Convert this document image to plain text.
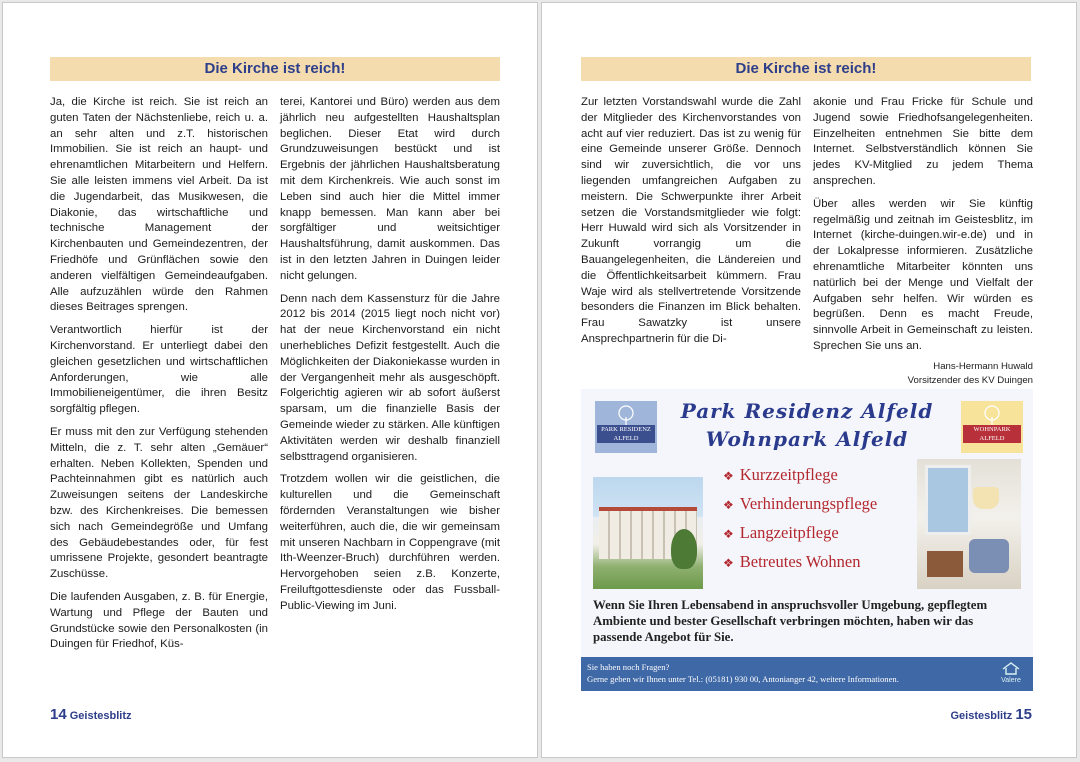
Die Kirche ist reich!

Ja, die Kirche ist reich. Sie ist reich an guten Taten der Nächstenliebe, reich u. a. an sehr alten und z.T. historischen Immobilien. Sie ist reich an haupt- und ehrenamtlichen Mitarbeitern und Helfern. Sie alle leisten immens viel Arbeit. Da ist die Jugendarbeit, das Musikwesen, die Diakonie, das wirtschaftliche und technische Management der Kirchenbauten und Gemeindezentren, der Friedhöfe und Grünflächen sowie den anderen vielfältigen Gemeindeaufgaben. Alle aufzuzählen würde den Rahmen dieses Beitrages sprengen.

Verantwortlich hierfür ist der Kirchenvorstand. Er unterliegt dabei den gleichen gesetzlichen und wirtschaftlichen Anforderungen, wie alle Immobilieneigentümer, die ihren Besitz sorgfältig pflegen.

Er muss mit den zur Verfügung stehenden Mitteln, die z. T. sehr alten „Gemäuer“ erhalten. Neben Kollekten, Spenden und Pachteinnahmen gibt es natürlich auch Zuweisungen seitens der Landeskirche bzw. des Kirchenkreises. Die bemessen sich nach Gemeindegröße und Umfang des Gebäudebestandes oder, für fest umrissene Projekte, gesondert beantragte Zuschüsse.

Die laufenden Ausgaben, z. B. für Energie, Wartung und Pflege der Bauten und Grundstücke sowie den Personalkosten (in Duingen für Friedhof, Küs-

terei, Kantorei und Büro) werden aus dem jährlich neu aufgestellten Haushaltsplan beglichen. Dieser Etat wird durch Grundzuweisungen bestückt und ist Ergebnis der jährlichen Haushaltsberatung mit dem Kirchenkreis. Wie auch sonst im Leben sind auch hier die Mittel immer knapp bemessen. Man kann aber bei sorgfältiger und weitsichtiger Haushaltsführung, damit auskommen. Das ist in den letzten Jahren in Duingen leider nicht gelungen.

Denn nach dem Kassensturz für die Jahre 2012 bis 2014 (2015 liegt noch nicht vor) hat der neue Kirchenvorstand ein nicht unerhebliches Defizit festgestellt. Auch die Möglichkeiten der Diakoniekasse wurden in der Vergangenheit mehr als ausgeschöpft. Folgerichtig agieren wir ab sofort äußerst sparsam, um die finanzielle Basis der Gemeinde wieder zu stärken. Alle künftigen Aktivitäten werden wir deshalb finanziell selbsttragend organisieren.

Trotzdem wollen wir die geistlichen, die kulturellen und die Gemeinschaft fördernden Veranstaltungen wie bisher weiterführen, auch die, die wir gemeinsam mit unseren Nachbarn in Coppengrave (mit Ith-Weenzer-Bruch) durchführen werden. Hervorgehoben seien z.B. Konzerte, Freiluftgottesdienste oder das Fussball-Public-Viewing im Juni.

14 Geistesblitz
Die Kirche ist reich!

Zur letzten Vorstandswahl wurde die Zahl der Mitglieder des Kirchenvorstandes von acht auf vier reduziert. Das ist zu wenig für eine Gemeinde unserer Größe. Dennoch sind wir zuversichtlich, die vor uns liegenden umfangreichen Aufgaben zu meistern. Die Schwerpunkte ihrer Arbeit setzen die Vorstandsmitglieder wie folgt: Herr Huwald wird sich als Vorsitzender in Zukunft vorrangig um die Bauangelegenheiten, die Ländereien und die Öffentlichkeitsarbeit kümmern. Frau Waje wird als stellvertretende Vorsitzende besonders die Finanzen im Blick behalten. Frau Sawatzky ist unsere Ansprechpartnerin für die Di-

akonie und Frau Fricke für Schule und Jugend sowie Friedhofsangelegenheiten. Einzelheiten entnehmen Sie bitte dem Internet. Selbstverständlich können Sie jedes KV-Mitglied zu jedem Thema ansprechen.

Über alles werden wir Sie künftig regelmäßig und zeitnah im Geistesblitz, im Internet (kirche-duingen.wir-e.de) und in der Lokalpresse informieren. Zusätzliche ehrenamtliche Mitarbeiter könnten uns natürlich bei der Menge und Vielfalt der Aufgaben sehr helfen. Wir würden es begrüßen. Denn es macht Freude, sinnvolle Arbeit in Gemeinschaft zu leisten. Sprechen Sie uns an.

Hans-Hermann Huwald
Vorsitzender des KV Duingen
PARK RESIDENZ ALFELD
Park Residenz Alfeld
Wohnpark Alfeld	WOHNPARK ALFELD
❖ Kurzzeitpflege
❖ Verhinderungspflege
❖ Langzeitpflege
❖ Betreutes Wohnen
Wenn Sie Ihren Lebensabend in anspruchsvoller Umgebung, gepflegtem Ambiente und bester Gesellschaft verbringen möchten, haben wir das passende Angebot für Sie.
Sie haben noch Fragen?
Gerne geben wir Ihnen unter Tel.: (05181) 930 00, Antonianger 42, weitere Informationen.	Valere
Geistesblitz 15
